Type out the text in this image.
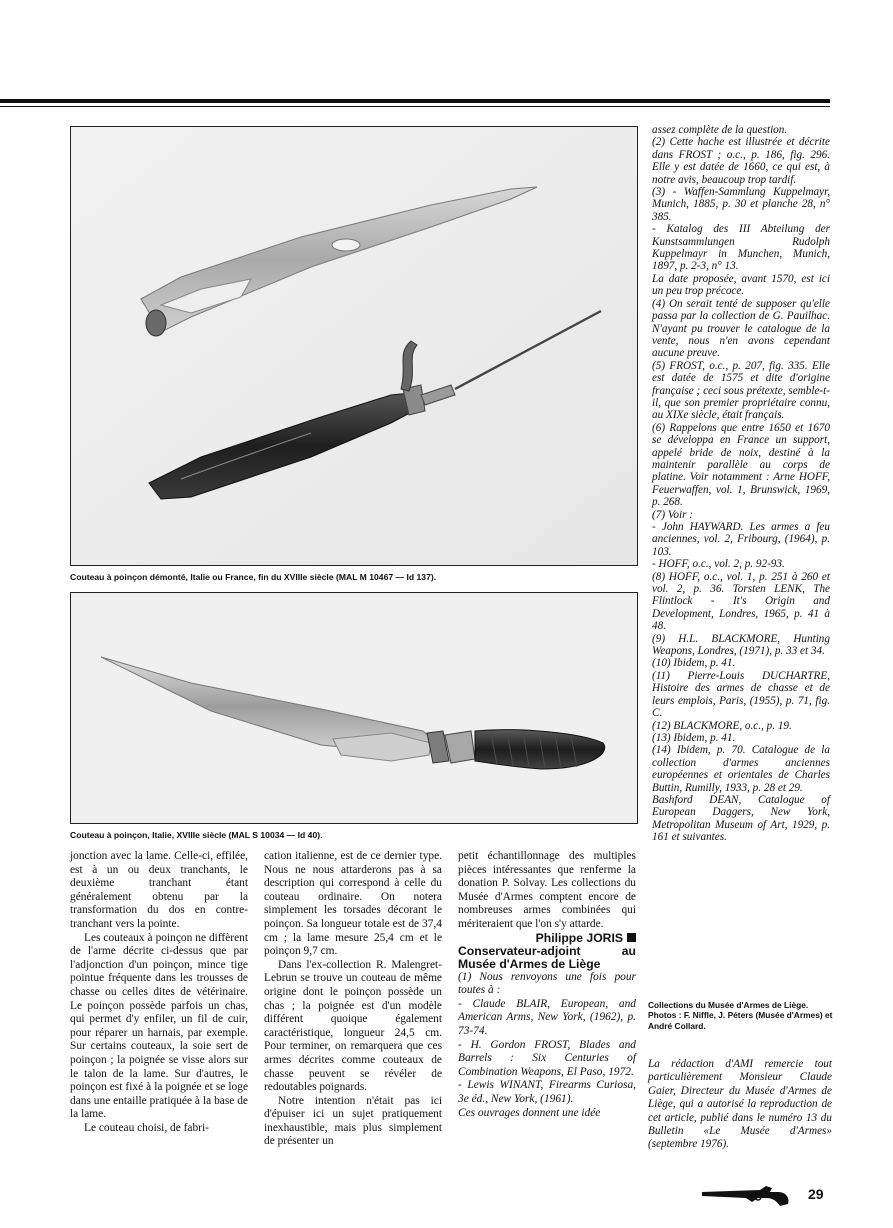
Couteau à poinçon démonté, Italie ou France, fin du XVIIIe siècle (MAL M 10467 — Id 137).
Couteau à poinçon, Italie, XVIIIe siècle (MAL S 10034 — Id 40).

jonction avec la lame. Celle-ci, effilée, est à un ou deux tranchants, le deuxième tranchant étant généralement obtenu par la transformation du dos en contre-tranchant vers la pointe.

Les couteaux à poinçon ne diffèrent de l'arme décrite ci-dessus que par l'adjonction d'un poinçon, mince tige pointue fréquente dans les trousses de chasse ou celles dites de vétérinaire. Le poinçon possède parfois un chas, qui permet d'y enfiler, un fil de cuir, pour réparer un harnais, par exemple. Sur certains couteaux, la soie sert de poinçon ; la poignée se visse alors sur le talon de la lame. Sur d'autres, le poinçon est fixé à la poignée et se loge dans une entaille pratiquée à la base de la lame.

Le couteau choisi, de fabri-

cation italienne, est de ce dernier type. Nous ne nous attarderons pas à sa description qui correspond à celle du couteau ordinaire. On notera simplement les torsades décorant le poinçon. Sa longueur totale est de 37,4 cm ; la lame mesure 25,4 cm et le poinçon 9,7 cm.

Dans l'ex-collection R. Malengret-Lebrun se trouve un couteau de même origine dont le poinçon possède un chas ; la poignée est d'un modèle différent quoique également caractéristique, longueur 24,5 cm. Pour terminer, on remarquera que ces armes décrites comme couteaux de chasse peuvent se révéler de redoutables poignards.

Notre intention n'était pas ici d'épuiser ici un sujet pratiquement inexhaustible, mais plus simplement de présenter un

petit échantillonnage des multiples pièces intéressantes que renferme la donation P. Solvay. Les collections du Musée d'Armes comptent encore de nombreuses armes combinées qui mériteraient que l'on s'y attarde.

Philippe JORIS
Conservateur-adjoint au Musée d'Armes de Liège

(1) Nous renvoyons une fois pour toutes à :

- Claude BLAIR, European, and American Arms, New York, (1962), p. 73-74.

- H. Gordon FROST, Blades and Barrels : Six Centuries of Combination Weapons, El Paso, 1972.

- Lewis WINANT, Firearms Curiosa, 3e éd., New York, (1961).

Ces ouvrages donnent une idée

assez complète de la question.

(2) Cette hache est illustrée et décrite dans FROST ; o.c., p. 186, fig. 296. Elle y est datée de 1660, ce qui est, à notre avis, beaucoup trop tardif.

(3) - Waffen-Sammlung Kuppelmayr, Munich, 1885, p. 30 et planche 28, n° 385.

- Katalog des III Abteilung der Kunstsammlungen Rudolph Kuppelmayr in Munchen, Munich, 1897, p. 2-3, n° 13.

La date proposée, avant 1570, est ici un peu trop précoce.

(4) On serait tenté de supposer qu'elle passa par la collection de G. Pauilhac. N'ayant pu trouver le catalogue de la vente, nous n'en avons cependant aucune preuve.

(5) FROST, o.c., p. 207, fig. 335. Elle est datée de 1575 et dite d'origine française ; ceci sous prétexte, semble-t-il, que son premier propriétaire connu, au XIXe siècle, était français.

(6) Rappelons que entre 1650 et 1670 se développa en France un support, appelé bride de noix, destiné à la maintenir parallèle au corps de platine. Voir notamment : Arne HOFF, Feuerwaffen, vol. 1, Brunswick, 1969, p. 268.

(7) Voir :

- John HAYWARD. Les armes a feu anciennes, vol. 2, Fribourg, (1964), p. 103.

- HOFF, o.c., vol. 2, p. 92-93.

(8) HOFF, o.c., vol. 1, p. 251 à 260 et vol. 2, p. 36. Torsten LENK, The Flintlock - It's Origin and Development, Londres, 1965, p. 41 à 48.

(9) H.L. BLACKMORE, Hunting Weapons, Londres, (1971), p. 33 et 34.

(10) Ibidem, p. 41.

(11) Pierre-Louis DUCHARTRE, Histoire des armes de chasse et de leurs emplois, Paris, (1955), p. 71, fig. C.

(12) BLACKMORE, o.c., p. 19.

(13) Ibidem, p. 41.

(14) Ibidem, p. 70. Catalogue de la collection d'armes anciennes européennes et orientales de Charles Buttin, Rumilly, 1933, p. 28 et 29.

Bashford DEAN, Catalogue of European Daggers, New York, Metropolitan Museum of Art, 1929, p. 161 et suivantes.

Collections du Musée d'Armes de Liège.
Photos : F. Niffle, J. Péters (Musée d'Armes) et André Collard.
La rédaction d'AMI remercie tout particulièrement Monsieur Claude Gaier, Directeur du Musée d'Armes de Liège, qui a autorisé la reproduction de cet article, publié dans le numéro 13 du Bulletin «Le Musée d'Armes» (septembre 1976).
29
